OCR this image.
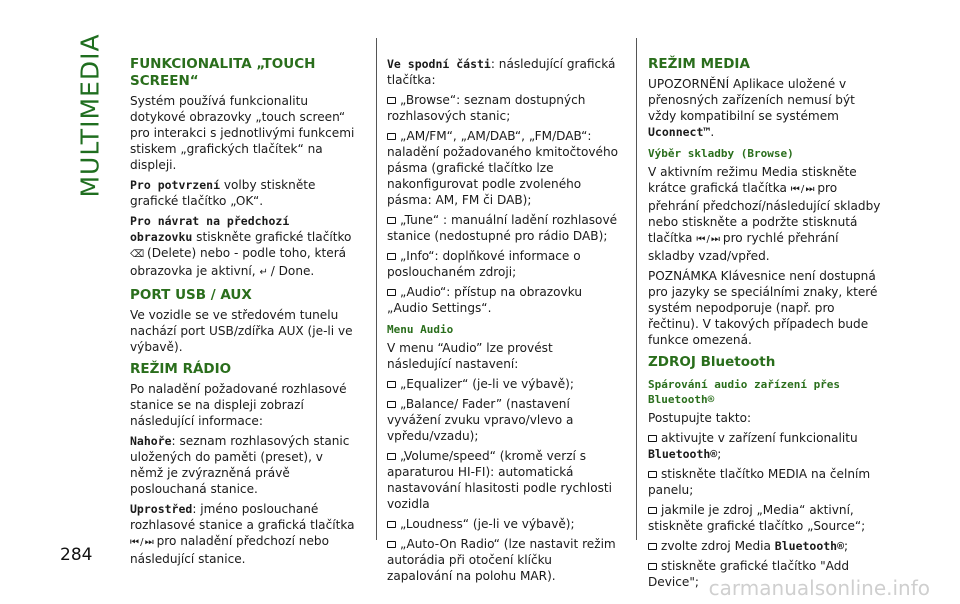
MULTIMEDIA
284
FUNKCIONALITA „TOUCH SCREEN“

Systém používá funkcionalitu dotykové obrazovky „touch screen“ pro interakci s jednotlivými funkcemi stiskem „grafických tlačítek“ na displeji.

Pro potvrzení volby stiskněte grafické tlačítko „OK“.

Pro návrat na předchozí obrazovku stiskněte grafické tlačítko ⌫ (Delete) nebo - podle toho, která obrazovka je aktivní, ↵ / Done.

PORT USB / AUX

Ve vozidle se ve středovém tunelu nachází port USB/zdířka AUX (je-li ve výbavě).

REŽIM RÁDIO

Po naladění požadované rozhlasové stanice se na displeji zobrazí následující informace:

Nahoře: seznam rozhlasových stanic uložených do paměti (preset), v němž je zvýrazněná právě poslouchaná stanice.

Uprostřed: jméno poslouchané rozhlasové stanice a grafická tlačítka ⏮ / ⏭ pro naladění předchozí nebo následující stanice.

Ve spodní části: následující grafická tlačítka:

„Browse“: seznam dostupných rozhlasových stanic;

„AM/FM“, „AM/DAB“, „FM/DAB“: naladění požadovaného kmitočtového pásma (grafické tlačítko lze nakonfigurovat podle zvoleného pásma: AM, FM či DAB);

„Tune“ : manuální ladění rozhlasové stanice (nedostupné pro rádio DAB);

„Info“: doplňkové informace o poslouchaném zdroji;

„Audio“: přístup na obrazovku „Audio Settings“.

Menu Audio

V menu “Audio” lze provést následující nastavení:

„Equalizer“ (je-li ve výbavě);

„Balance/ Fader” (nastavení vyvážení zvuku vpravo/vlevo a vpředu/vzadu);

„Volume/speed“ (kromě verzí s aparaturou HI-FI): automatická nastavování hlasitosti podle rychlosti vozidla

„Loudness“ (je-li ve výbavě);

„Auto-On Radio“ (lze nastavit režim autorádia při otočení klíčku zapalování na polohu MAR).

REŽIM MEDIA

UPOZORNĚNÍ Aplikace uložené v přenosných zařízeních nemusí být vždy kompatibilní se systémem Uconnect™.

Výběr skladby (Browse)

V aktivním režimu Media stiskněte krátce grafická tlačítka ⏮ / ⏭ pro přehrání předchozí/následující skladby nebo stiskněte a podržte stisknutá tlačítka ⏮ / ⏭ pro rychlé přehrání skladby vzad/vpřed.

POZNÁMKA Klávesnice není dostupná pro jazyky se speciálními znaky, které systém nepodporuje (např. pro řečtinu). V takových případech bude funkce omezená.

ZDROJ Bluetooth
Spárování audio zařízení přes Bluetooth®

Postupujte takto:

aktivujte v zařízení funkcionalitu Bluetooth®;

stiskněte tlačítko MEDIA na čelním panelu;

jakmile je zdroj „Media“ aktivní, stiskněte grafické tlačítko „Source“;

zvolte zdroj Media Bluetooth®;

stiskněte grafické tlačítko "Add Device"; carmanualsonline.info
